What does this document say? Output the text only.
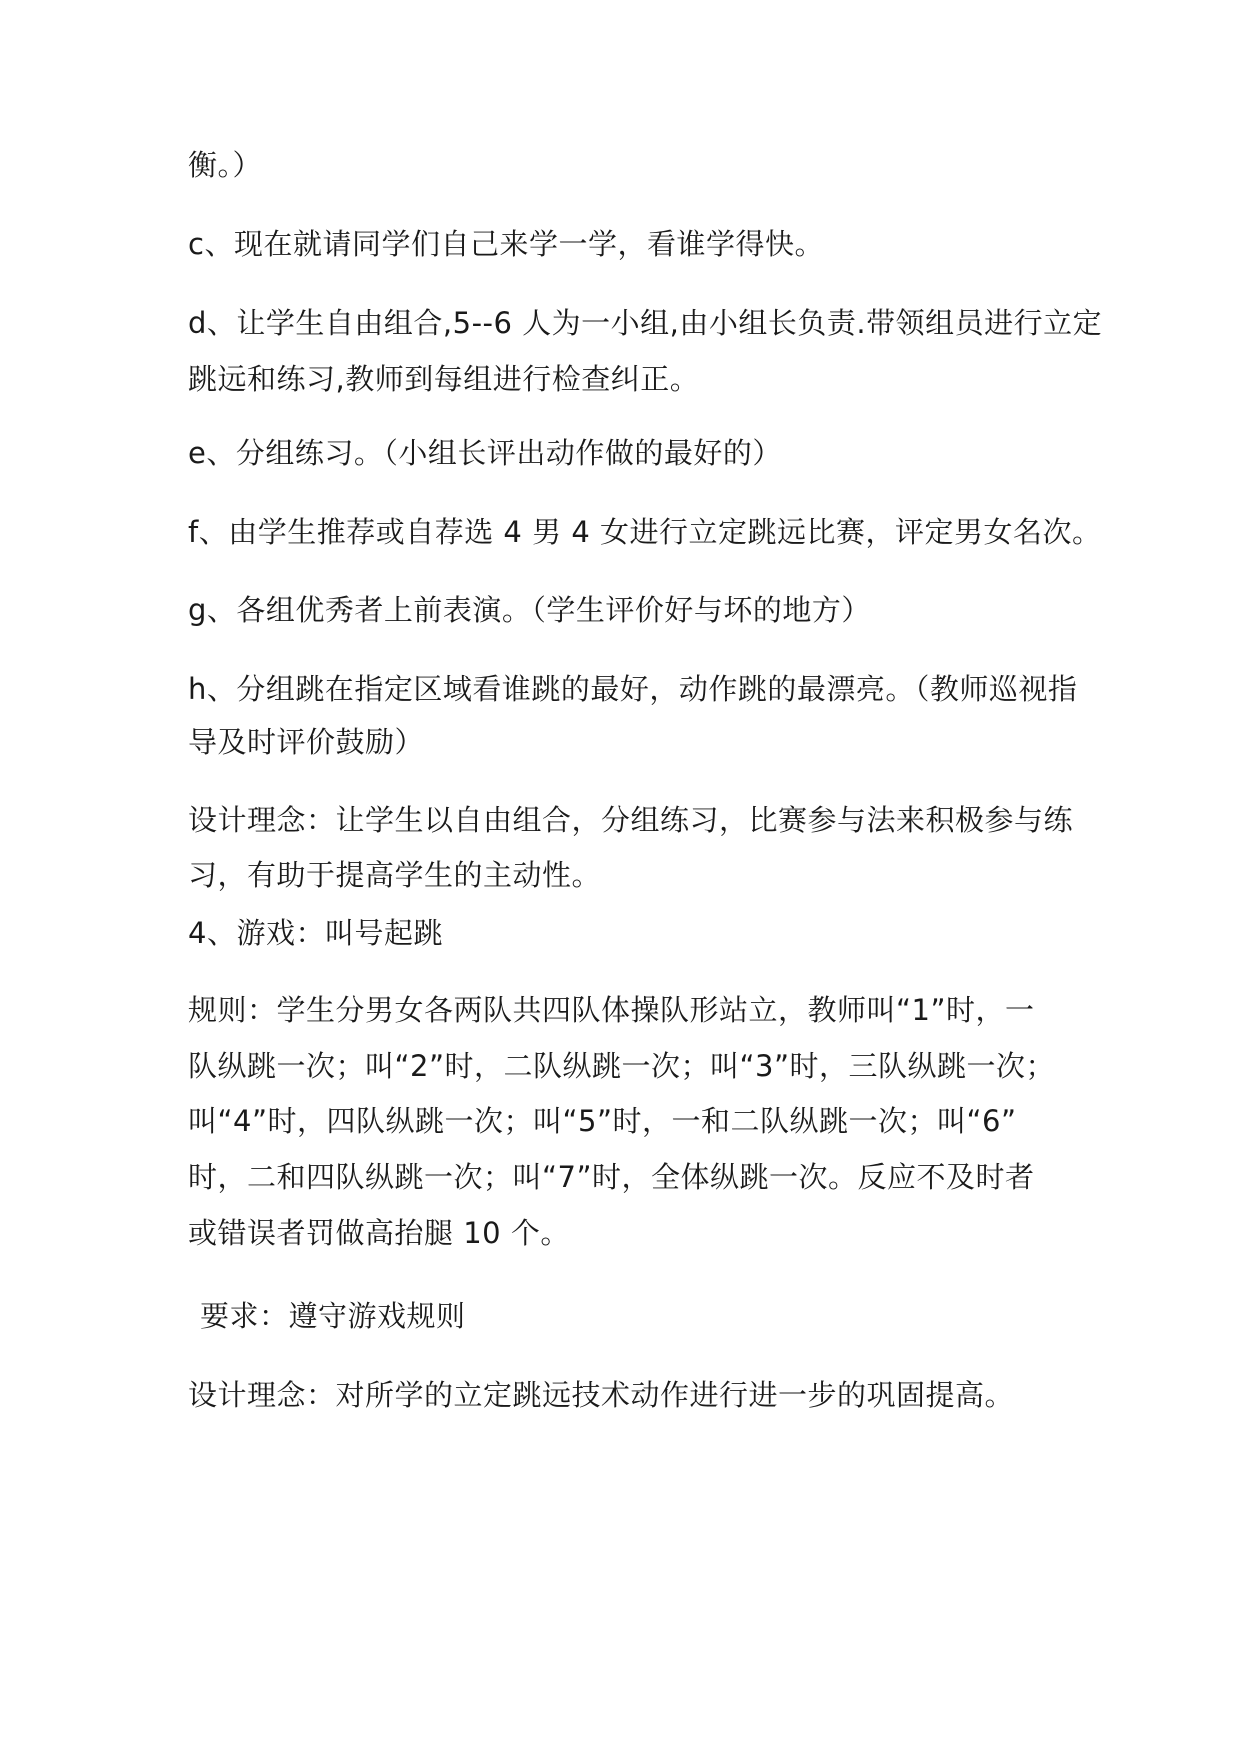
衡。）
c、现在就请同学们自己来学一学，看谁学得快。
d、让学生自由组合,5--6 人为一小组,由小组长负责.带领组员进行立定
跳远和练习,教师到每组进行检查纠正。
e、分组练习。（小组长评出动作做的最好的）
f、由学生推荐或自荐选 4 男 4 女进行立定跳远比赛，评定男女名次。
g、各组优秀者上前表演。（学生评价好与坏的地方）
h、分组跳在指定区域看谁跳的最好，动作跳的最漂亮。（教师巡视指
导及时评价鼓励）
设计理念：让学生以自由组合，分组练习，比赛参与法来积极参与练
习，有助于提高学生的主动性。
4、游戏：叫号起跳
规则：学生分男女各两队共四队体操队形站立，教师叫“1”时，一
队纵跳一次；叫“2”时，二队纵跳一次；叫“3”时，三队纵跳一次；
叫“4”时，四队纵跳一次；叫“5”时，一和二队纵跳一次；叫“6”
时，二和四队纵跳一次；叫“7”时，全体纵跳一次。反应不及时者
或错误者罚做高抬腿 10 个。
要求：遵守游戏规则
设计理念：对所学的立定跳远技术动作进行进一步的巩固提高。
